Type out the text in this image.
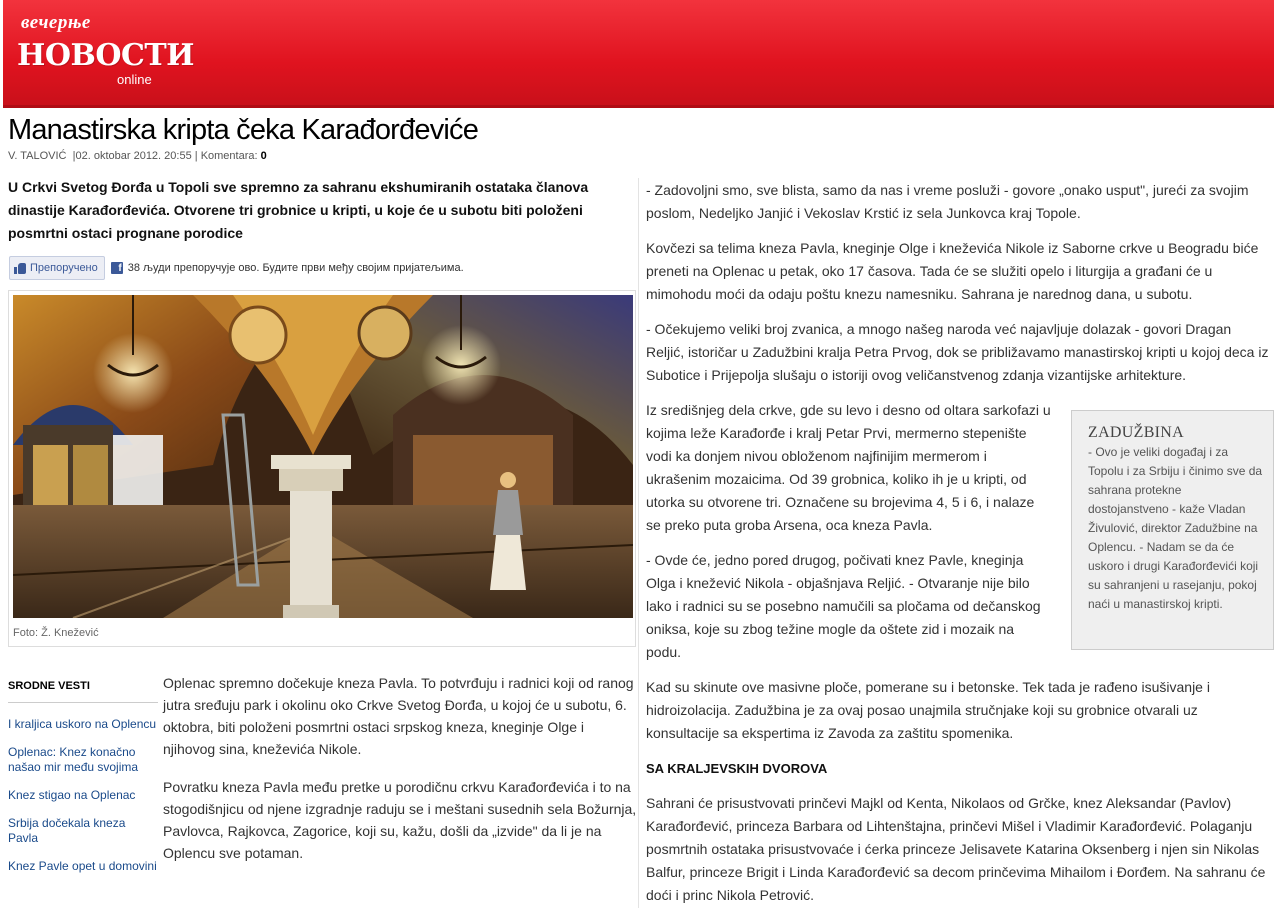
вечерње
НОВОСТИ
online
Manastirska kripta čeka Karađorđeviće
V. TALOVIĆ  |02. oktobar 2012. 20:55 | Komentara: 0
U Crkvi Svetog Đorđa u Topoli sve spremno za sahranu ekshumiranih ostataka članova dinastije Karađorđevića. Otvorene tri grobnice u kripti, u koje će u subotu biti položeni posmrtni ostaci prognane porodice
Препоручено	f 38 људи препоручује ово. Будите први међу својим пријатељима.
Foto: Ž. Knežević
SRODNE VESTI
I kraljica uskoro na Oplencu
Oplenac: Knez konačno našao mir među svojima
Knez stigao na Oplenac
Srbija dočekala kneza Pavla
Knez Pavle opet u domovini

Oplenac spremno dočekuje kneza Pavla. To potvrđuju i radnici koji od ranog jutra sređuju park i okolinu oko Crkve Svetog Đorđa, u kojoj će u subotu, 6. oktobra, biti položeni posmrtni ostaci srpskog kneza, kneginje Olge i njihovog sina, kneževića Nikole.

Povratku kneza Pavla među pretke u porodičnu crkvu Karađorđevića i to na stogodišnjicu od njene izgradnje raduju se i meštani susednih sela Božurnja, Pavlovca, Rajkovca, Zagorice, koji su, kažu, došli da „izvide" da li je na Oplencu sve potaman.

- Zadovoljni smo, sve blista, samo da nas i vreme posluži - govore „onako usput", jureći za svojim poslom, Nedeljko Janjić i Vekoslav Krstić iz sela Junkovca kraj Topole.

Kovčezi sa telima kneza Pavla, kneginje Olge i kneževića Nikole iz Saborne crkve u Beogradu biće preneti na Oplenac u petak, oko 17 časova. Tada će se služiti opelo i liturgija a građani će u mimohodu moći da odaju poštu knezu namesniku. Sahrana je narednog dana, u subotu.

- Očekujemo veliki broj zvanica, a mnogo našeg naroda već najavljuje dolazak - govori Dragan Reljić, istoričar u Zadužbini kralja Petra Prvog, dok se približavamo manastirskoj kripti u kojoj deca iz Subotice i Prijepolja slušaju o istoriji ovog veličanstvenog zdanja vizantijske arhitekture.

Iz središnjeg dela crkve, gde su levo i desno od oltara sarkofazi u kojima leže Karađorđe i kralj Petar Prvi, mermerno stepenište vodi ka donjem nivou obloženom najfinijim mermerom i ukrašenim mozaicima. Od 39 grobnica, koliko ih je u kripti, od utorka su otvorene tri. Označene su brojevima 4, 5 i 6, i nalaze se preko puta groba Arsena, oca kneza Pavla.

- Ovde će, jedno pored drugog, počivati knez Pavle, kneginja Olga i knežević Nikola - objašnjava Reljić. - Otvaranje nije bilo lako i radnici su se posebno namučili sa pločama od dečanskog oniksa, koje su zbog težine mogle da oštete zid i mozaik na podu.

Kad su skinute ove masivne ploče, pomerane su i betonske. Tek tada je rađeno isušivanje i hidroizolacija. Zadužbina je za ovaj posao unajmila stručnjake koji su grobnice otvarali uz konsultacije sa ekspertima iz Zavoda za zaštitu spomenika.

SA KRALJEVSKIH DVOROVA

Sahrani će prisustvovati prinčevi Majkl od Kenta, Nikolaos od Grčke, knez Aleksandar (Pavlov) Karađorđević, princeza Barbara od Lihtenštajna, prinčevi Mišel i Vladimir Karađorđević. Polaganju posmrtnih ostataka prisustvovaće i ćerka princeze Jelisavete Katarina Oksenberg i njen sin Nikolas Balfur, princeze Brigit i Linda Karađorđević sa decom prinčevima Mihailom i Đorđem. Na sahranu će doći i princ Nikola Petrović.

ZADUŽBINA
- Ovo je veliki događaj i za Topolu i za Srbiju i činimo sve da sahrana protekne dostojanstveno - kaže Vladan Živulović, direktor Zadužbine na Oplencu. - Nadam se da će uskoro i drugi Karađorđevići koji su sahranjeni u rasejanju, pokoj naći u manastirskoj kripti.
